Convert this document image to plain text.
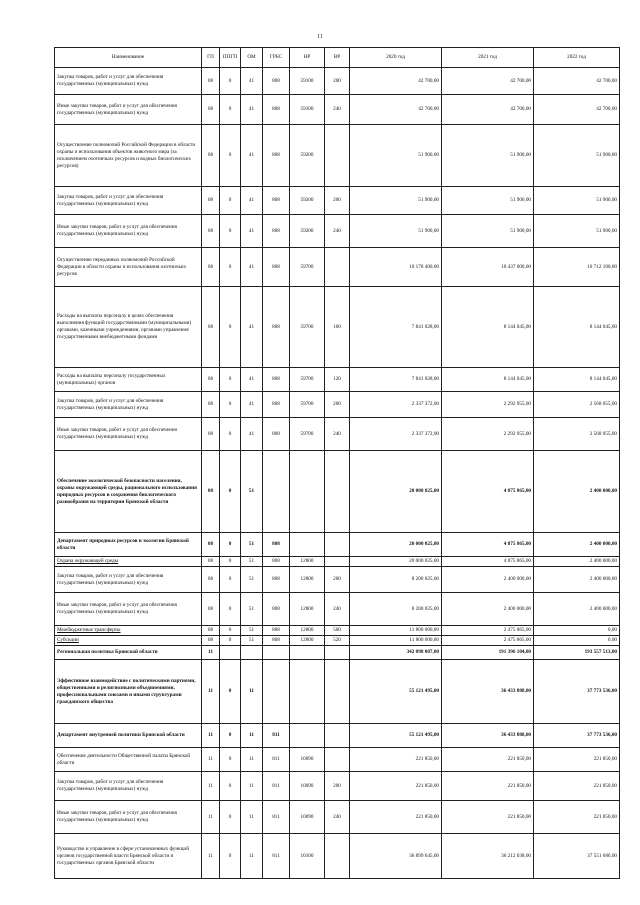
11
Наименование	ГП	ППГП	ОМ	ГРБС	НР	ВР	2020 год	2021 год	2022 год
Закупка товаров, работ и услуг для обеспечения государственных (муниципальных) нужд	08	0	41	808	59100	200	42 700,00	42 700,00	42 700,00
Иные закупки товаров, работ и услуг для обеспечения государственных (муниципальных) нужд	08	0	41	808	59100	240	42 700,00	42 700,00	42 700,00
Осуществление полномочий Российской Федерации в области охраны и использования объектов животного мира (за исключением охотничьих ресурсов и водных биологических ресурсов)	08	0	41	808	59200		51 900,00	51 900,00	51 900,00
Закупка товаров, работ и услуг для обеспечения государственных (муниципальных) нужд	08	0	41	808	59200	200	51 900,00	51 900,00	51 900,00
Иные закупки товаров, работ и услуг для обеспечения государственных (муниципальных) нужд	08	0	41	808	59200	240	51 900,00	51 900,00	51 900,00
Осуществление переданных полномочий Российской Федерации в области охраны и использования охотничьих ресурсов	08	0	41	808	59700		10 178 400,00	10 437 000,00	10 712 100,00
Расходы на выплаты персоналу в целях обеспечения выполнения функций государственными (муниципальными) органами, казенными учреждениями, органами управления государственными внебюджетными фондами	08	0	41	808	59700	100	7 841 028,00	8 144 045,00	8 144 045,00
Расходы на выплаты персоналу государственных (муниципальных) органов	08	0	41	808	59700	120	7 841 028,00	8 144 045,00	8 144 045,00
Закупка товаров, работ и услуг для обеспечения государственных (муниципальных) нужд	08	0	41	808	59700	200	2 337 372,00	2 292 955,00	2 568 055,00
Иные закупки товаров, работ и услуг для обеспечения государственных (муниципальных) нужд	08	0	41	808	59700	240	2 337 372,00	2 292 955,00	2 568 055,00
Обеспечение экологической безопасности населения, охраны окружающей среды, рационального использования природных ресурсов и сохранения биологического разнообразия на территории Брянской области	08	0	51				20 000 025,00	4 875 865,00	2 400 000,00
Департамент природных ресурсов и экологии Брянской области	08	0	51	808			20 000 025,00	4 875 865,00	2 400 000,00
Охрана окружающей среды	08	0	51	808	12800		20 000 025,00	4 875 865,00	2 400 000,00
Закупка товаров, работ и услуг для обеспечения государственных (муниципальных) нужд	08	0	51	808	12800	200	8 200 025,00	2 400 000,00	2 400 000,00
Иные закупки товаров, работ и услуг для обеспечения государственных (муниципальных) нужд	08	0	51	808	12800	240	8 200 025,00	2 400 000,00	2 400 000,00
Межбюджетные трансферты	08	0	51	808	12800	500	11 800 000,00	2 475 865,00	0,00
Субсидии	08	0	51	808	12800	520	11 800 000,00	2 475 865,00	0,00
Региональная политика Брянской области	11						342 098 007,00	191 396 104,00	193 557 513,00
Эффективное взаимодействие с политическими партиями, общественными и религиозными объединениями, профессиональными союзами и иными структурами гражданского общества	11	0	11				55 121 495,00	36 433 888,00	37 773 536,00
Департамент внутренней политики Брянской области	11	0	11	811			55 121 495,00	36 433 888,00	37 773 536,00
Обеспечение деятельности Общественной палаты Брянской области	11	0	11	811	10090		221 850,00	221 850,00	221 850,00
Закупка товаров, работ и услуг для обеспечения государственных (муниципальных) нужд	11	0	11	811	10090	200	221 850,00	221 850,00	221 850,00
Иные закупки товаров, работ и услуг для обеспечения государственных (муниципальных) нужд	11	0	11	811	10090	240	221 850,00	221 850,00	221 850,00
Руководство и управление в сфере установленных функций органов государственной власти Брянской области и государственных органов Брянской области	11	0	11	811	10100		36 899 645,00	36 212 038,00	37 551 686,00
